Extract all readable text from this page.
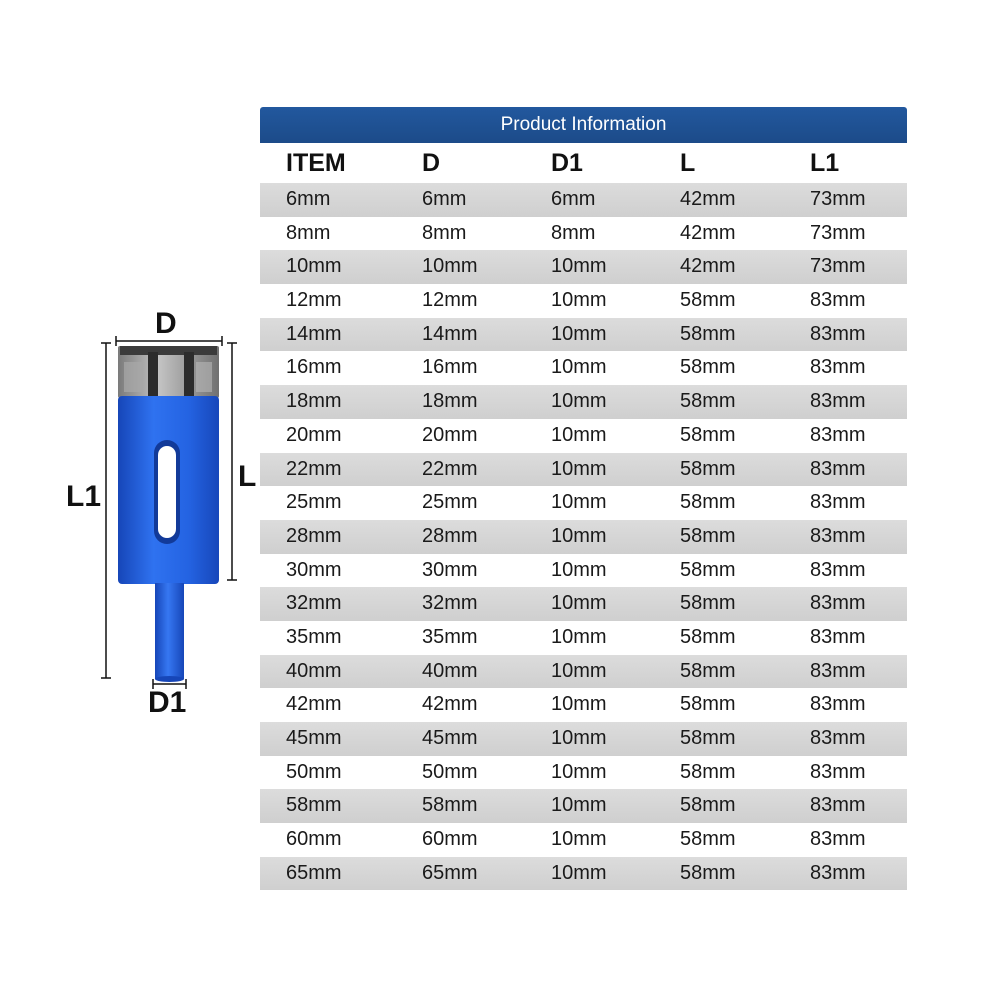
D
L1
L
D1
Product Information
ITEM	D	D1	L	L1
6mm	6mm	6mm	42mm	73mm
8mm	8mm	8mm	42mm	73mm
10mm	10mm	10mm	42mm	73mm
12mm	12mm	10mm	58mm	83mm
14mm	14mm	10mm	58mm	83mm
16mm	16mm	10mm	58mm	83mm
18mm	18mm	10mm	58mm	83mm
20mm	20mm	10mm	58mm	83mm
22mm	22mm	10mm	58mm	83mm
25mm	25mm	10mm	58mm	83mm
28mm	28mm	10mm	58mm	83mm
30mm	30mm	10mm	58mm	83mm
32mm	32mm	10mm	58mm	83mm
35mm	35mm	10mm	58mm	83mm
40mm	40mm	10mm	58mm	83mm
42mm	42mm	10mm	58mm	83mm
45mm	45mm	10mm	58mm	83mm
50mm	50mm	10mm	58mm	83mm
58mm	58mm	10mm	58mm	83mm
60mm	60mm	10mm	58mm	83mm
65mm	65mm	10mm	58mm	83mm
